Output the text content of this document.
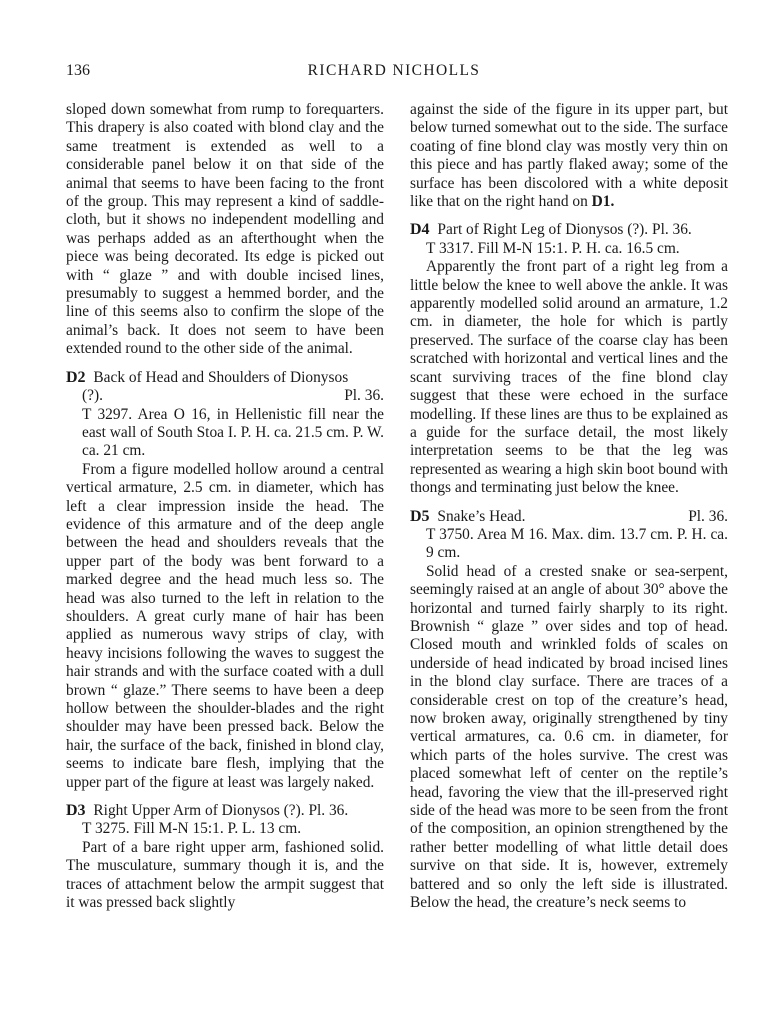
136	RICHARD NICHOLLS

sloped down somewhat from rump to forequarters. This drapery is also coated with blond clay and the same treatment is extended as well to a considerable panel below it on that side of the animal that seems to have been facing to the front of the group. This may represent a kind of saddle-cloth, but it shows no independent modelling and was perhaps added as an afterthought when the piece was being decorated. Its edge is picked out with “ glaze ” and with double incised lines, presumably to suggest a hemmed border, and the line of this seems also to confirm the slope of the animal’s back. It does not seem to have been extended round to the other side of the animal.

D2 Back of Head and Shoulders of Dionysos

(?).	Pl. 36.

T 3297. Area O 16, in Hellenistic fill near the east wall of South Stoa I. P. H. ca. 21.5 cm. P. W. ca. 21 cm.

From a figure modelled hollow around a central vertical armature, 2.5 cm. in diameter, which has left a clear impression inside the head. The evidence of this armature and of the deep angle between the head and shoulders reveals that the upper part of the body was bent forward to a marked degree and the head much less so. The head was also turned to the left in relation to the shoulders. A great curly mane of hair has been applied as numerous wavy strips of clay, with heavy incisions following the waves to suggest the hair strands and with the surface coated with a dull brown “ glaze.” There seems to have been a deep hollow between the shoulder-blades and the right shoulder may have been pressed back. Below the hair, the surface of the back, finished in blond clay, seems to indicate bare flesh, implying that the upper part of the figure at least was largely naked.

D3 Right Upper Arm of Dionysos (?). Pl. 36.

T 3275. Fill M-N 15:1. P. L. 13 cm.

Part of a bare right upper arm, fashioned solid. The musculature, summary though it is, and the traces of attachment below the armpit suggest that it was pressed back slightly

against the side of the figure in its upper part, but below turned somewhat out to the side. The surface coating of fine blond clay was mostly very thin on this piece and has partly flaked away; some of the surface has been discolored with a white deposit like that on the right hand on D1.

D4 Part of Right Leg of Dionysos (?). Pl. 36.

T 3317. Fill M-N 15:1. P. H. ca. 16.5 cm.

Apparently the front part of a right leg from a little below the knee to well above the ankle. It was apparently modelled solid around an armature, 1.2 cm. in diameter, the hole for which is partly preserved. The surface of the coarse clay has been scratched with horizontal and vertical lines and the scant surviving traces of the fine blond clay suggest that these were echoed in the surface modelling. If these lines are thus to be explained as a guide for the surface detail, the most likely interpretation seems to be that the leg was represented as wearing a high skin boot bound with thongs and terminating just below the knee.

D5 Snake’s Head.	Pl. 36.

T 3750. Area M 16. Max. dim. 13.7 cm. P. H. ca. 9 cm.

Solid head of a crested snake or sea-serpent, seemingly raised at an angle of about 30° above the horizontal and turned fairly sharply to its right. Brownish “ glaze ” over sides and top of head. Closed mouth and wrinkled folds of scales on underside of head indicated by broad incised lines in the blond clay surface. There are traces of a considerable crest on top of the creature’s head, now broken away, originally strengthened by tiny vertical armatures, ca. 0.6 cm. in diameter, for which parts of the holes survive. The crest was placed somewhat left of center on the reptile’s head, favoring the view that the ill-preserved right side of the head was more to be seen from the front of the composition, an opinion strengthened by the rather better modelling of what little detail does survive on that side. It is, however, extremely battered and so only the left side is illustrated. Below the head, the creature’s neck seems to
